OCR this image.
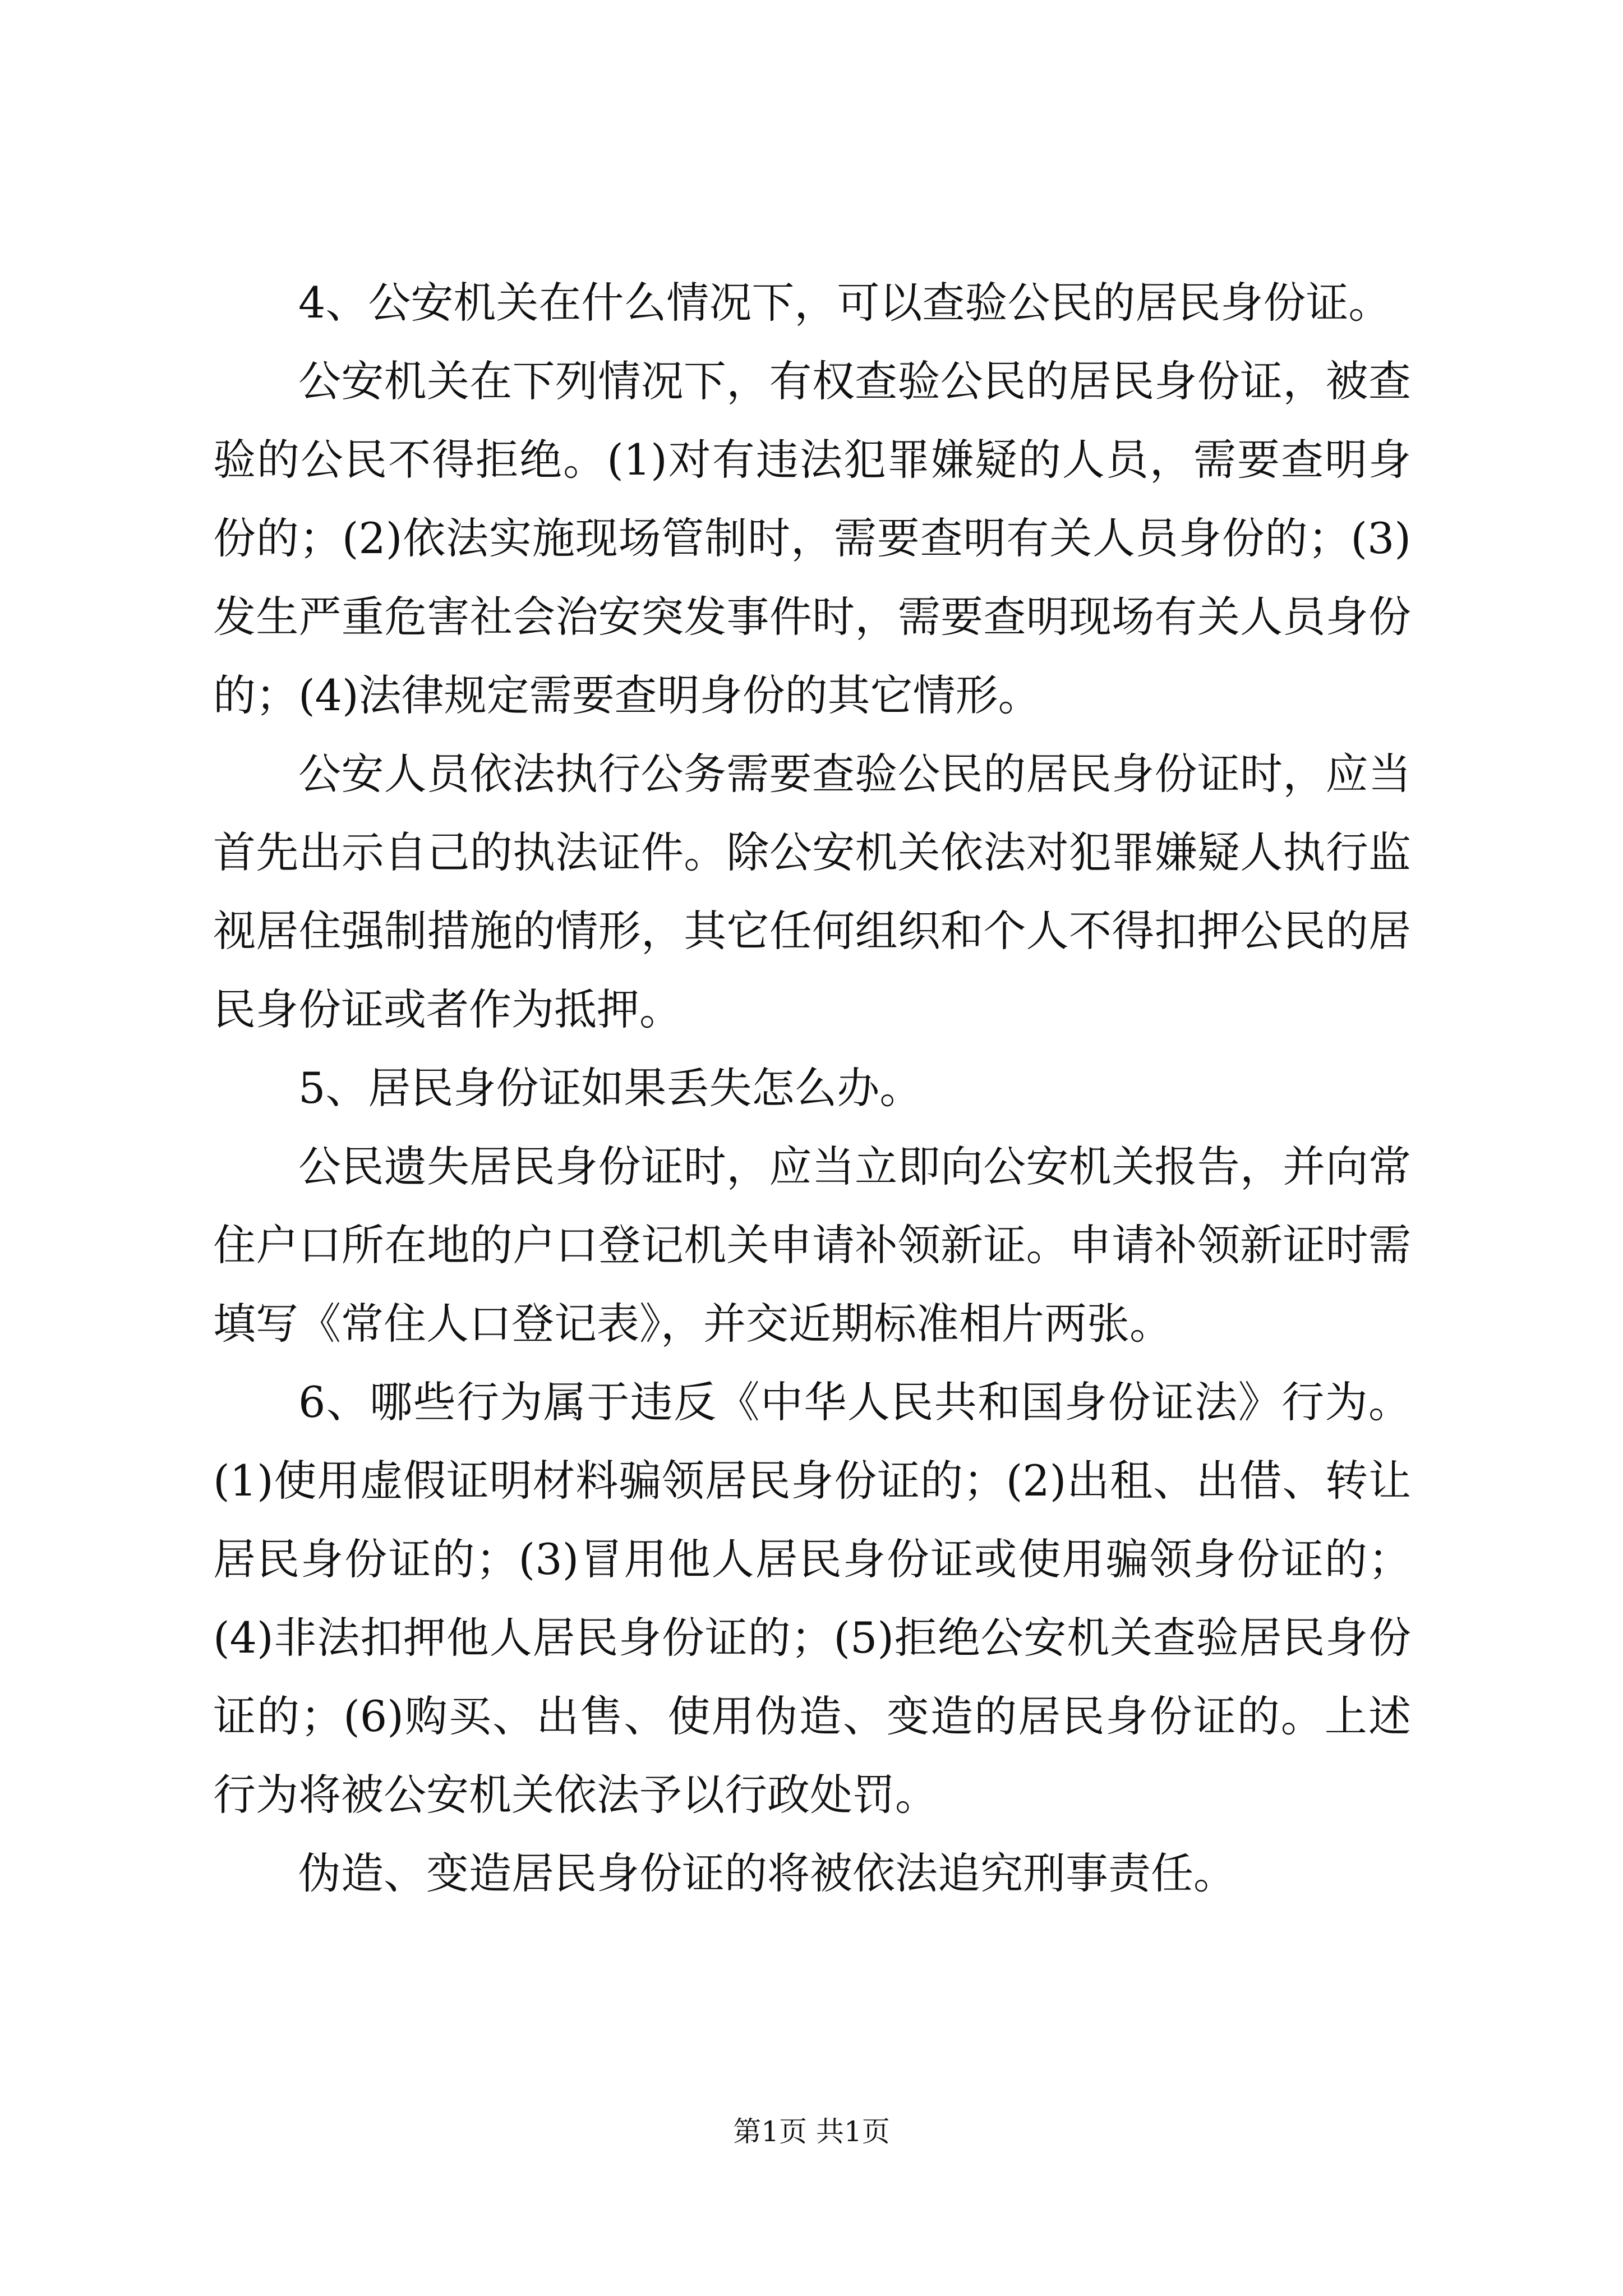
4、公安机关在什么情况下，可以查验公民的居民身份证。

公安机关在下列情况下，有权查验公民的居民身份证，被查验的公民不得拒绝。(1)对有违法犯罪嫌疑的人员，需要查明身份的；(2)依法实施现场管制时，需要查明有关人员身份的；(3)发生严重危害社会治安突发事件时，需要查明现场有关人员身份的；(4)法律规定需要查明身份的其它情形。

公安人员依法执行公务需要查验公民的居民身份证时，应当首先出示自己的执法证件。除公安机关依法对犯罪嫌疑人执行监视居住强制措施的情形，其它任何组织和个人不得扣押公民的居民身份证或者作为抵押。

5、居民身份证如果丢失怎么办。

公民遗失居民身份证时，应当立即向公安机关报告，并向常住户口所在地的户口登记机关申请补领新证。申请补领新证时需填写《常住人口登记表》，并交近期标准相片两张。

6、哪些行为属于违反《中华人民共和国身份证法》行为。(1)使用虚假证明材料骗领居民身份证的；(2)出租、出借、转让居民身份证的；(3)冒用他人居民身份证或使用骗领身份证的；(4)非法扣押他人居民身份证的；(5)拒绝公安机关查验居民身份证的；(6)购买、出售、使用伪造、变造的居民身份证的。上述行为将被公安机关依法予以行政处罚。

伪造、变造居民身份证的将被依法追究刑事责任。

第1页 共1页
